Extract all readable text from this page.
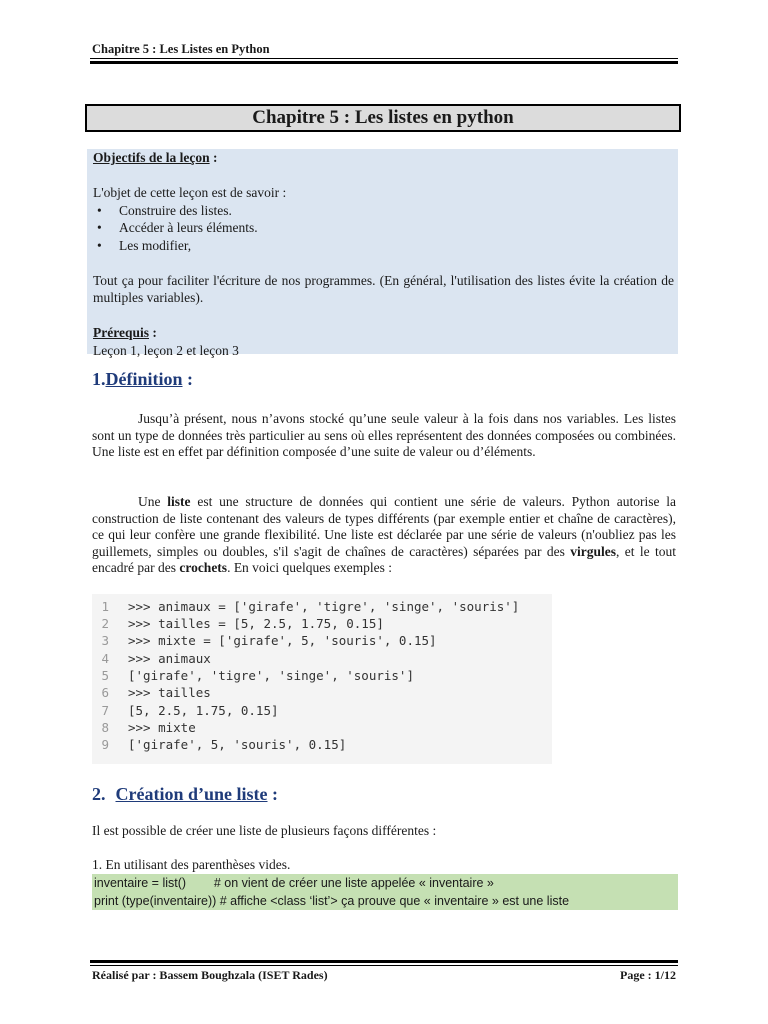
Chapitre 5 : Les Listes en Python
Chapitre 5 : Les listes en python
Objectifs de la leçon :
L'objet de cette leçon est de savoir :
• Construire des listes.
• Accéder à leurs éléments.
• Les modifier,
Tout ça pour faciliter l'écriture de nos programmes. (En général, l'utilisation des listes évite la création de multiples variables).
Prérequis :
Leçon 1, leçon 2 et leçon 3
1.Définition :
Jusqu’à présent, nous n’avons stocké qu’une seule valeur à la fois dans nos variables. Les listes sont un type de données très particulier au sens où elles représentent des données composées ou combinées. Une liste est en effet par définition composée d’une suite de valeur ou d’éléments.
Une liste est une structure de données qui contient une série de valeurs. Python autorise la construction de liste contenant des valeurs de types différents (par exemple entier et chaîne de caractères), ce qui leur confère une grande flexibilité. Une liste est déclarée par une série de valeurs (n'oubliez pas les guillemets, simples ou doubles, s'il s'agit de chaînes de caractères) séparées par des virgules, et le tout encadré par des crochets. En voici quelques exemples :
1 >>> animaux = ['girafe', 'tigre', 'singe', 'souris']
2 >>> tailles = [5, 2.5, 1.75, 0.15]
3 >>> mixte = ['girafe', 5, 'souris', 0.15]
4 >>> animaux
5 ['girafe', 'tigre', 'singe', 'souris']
6 >>> tailles
7 [5, 2.5, 1.75, 0.15]
8 >>> mixte
9 ['girafe', 5, 'souris', 0.15]
2. Création d’une liste :
Il est possible de créer une liste de plusieurs façons différentes :
1. En utilisant des parenthèses vides.
inventaire = list()        # on vient de créer une liste appelée « inventaire »
print (type(inventaire)) # affiche <class ‘list’> ça prouve que « inventaire » est une liste
Réalisé par : Bassem Boughzala (ISET Rades)	Page : 1/12
